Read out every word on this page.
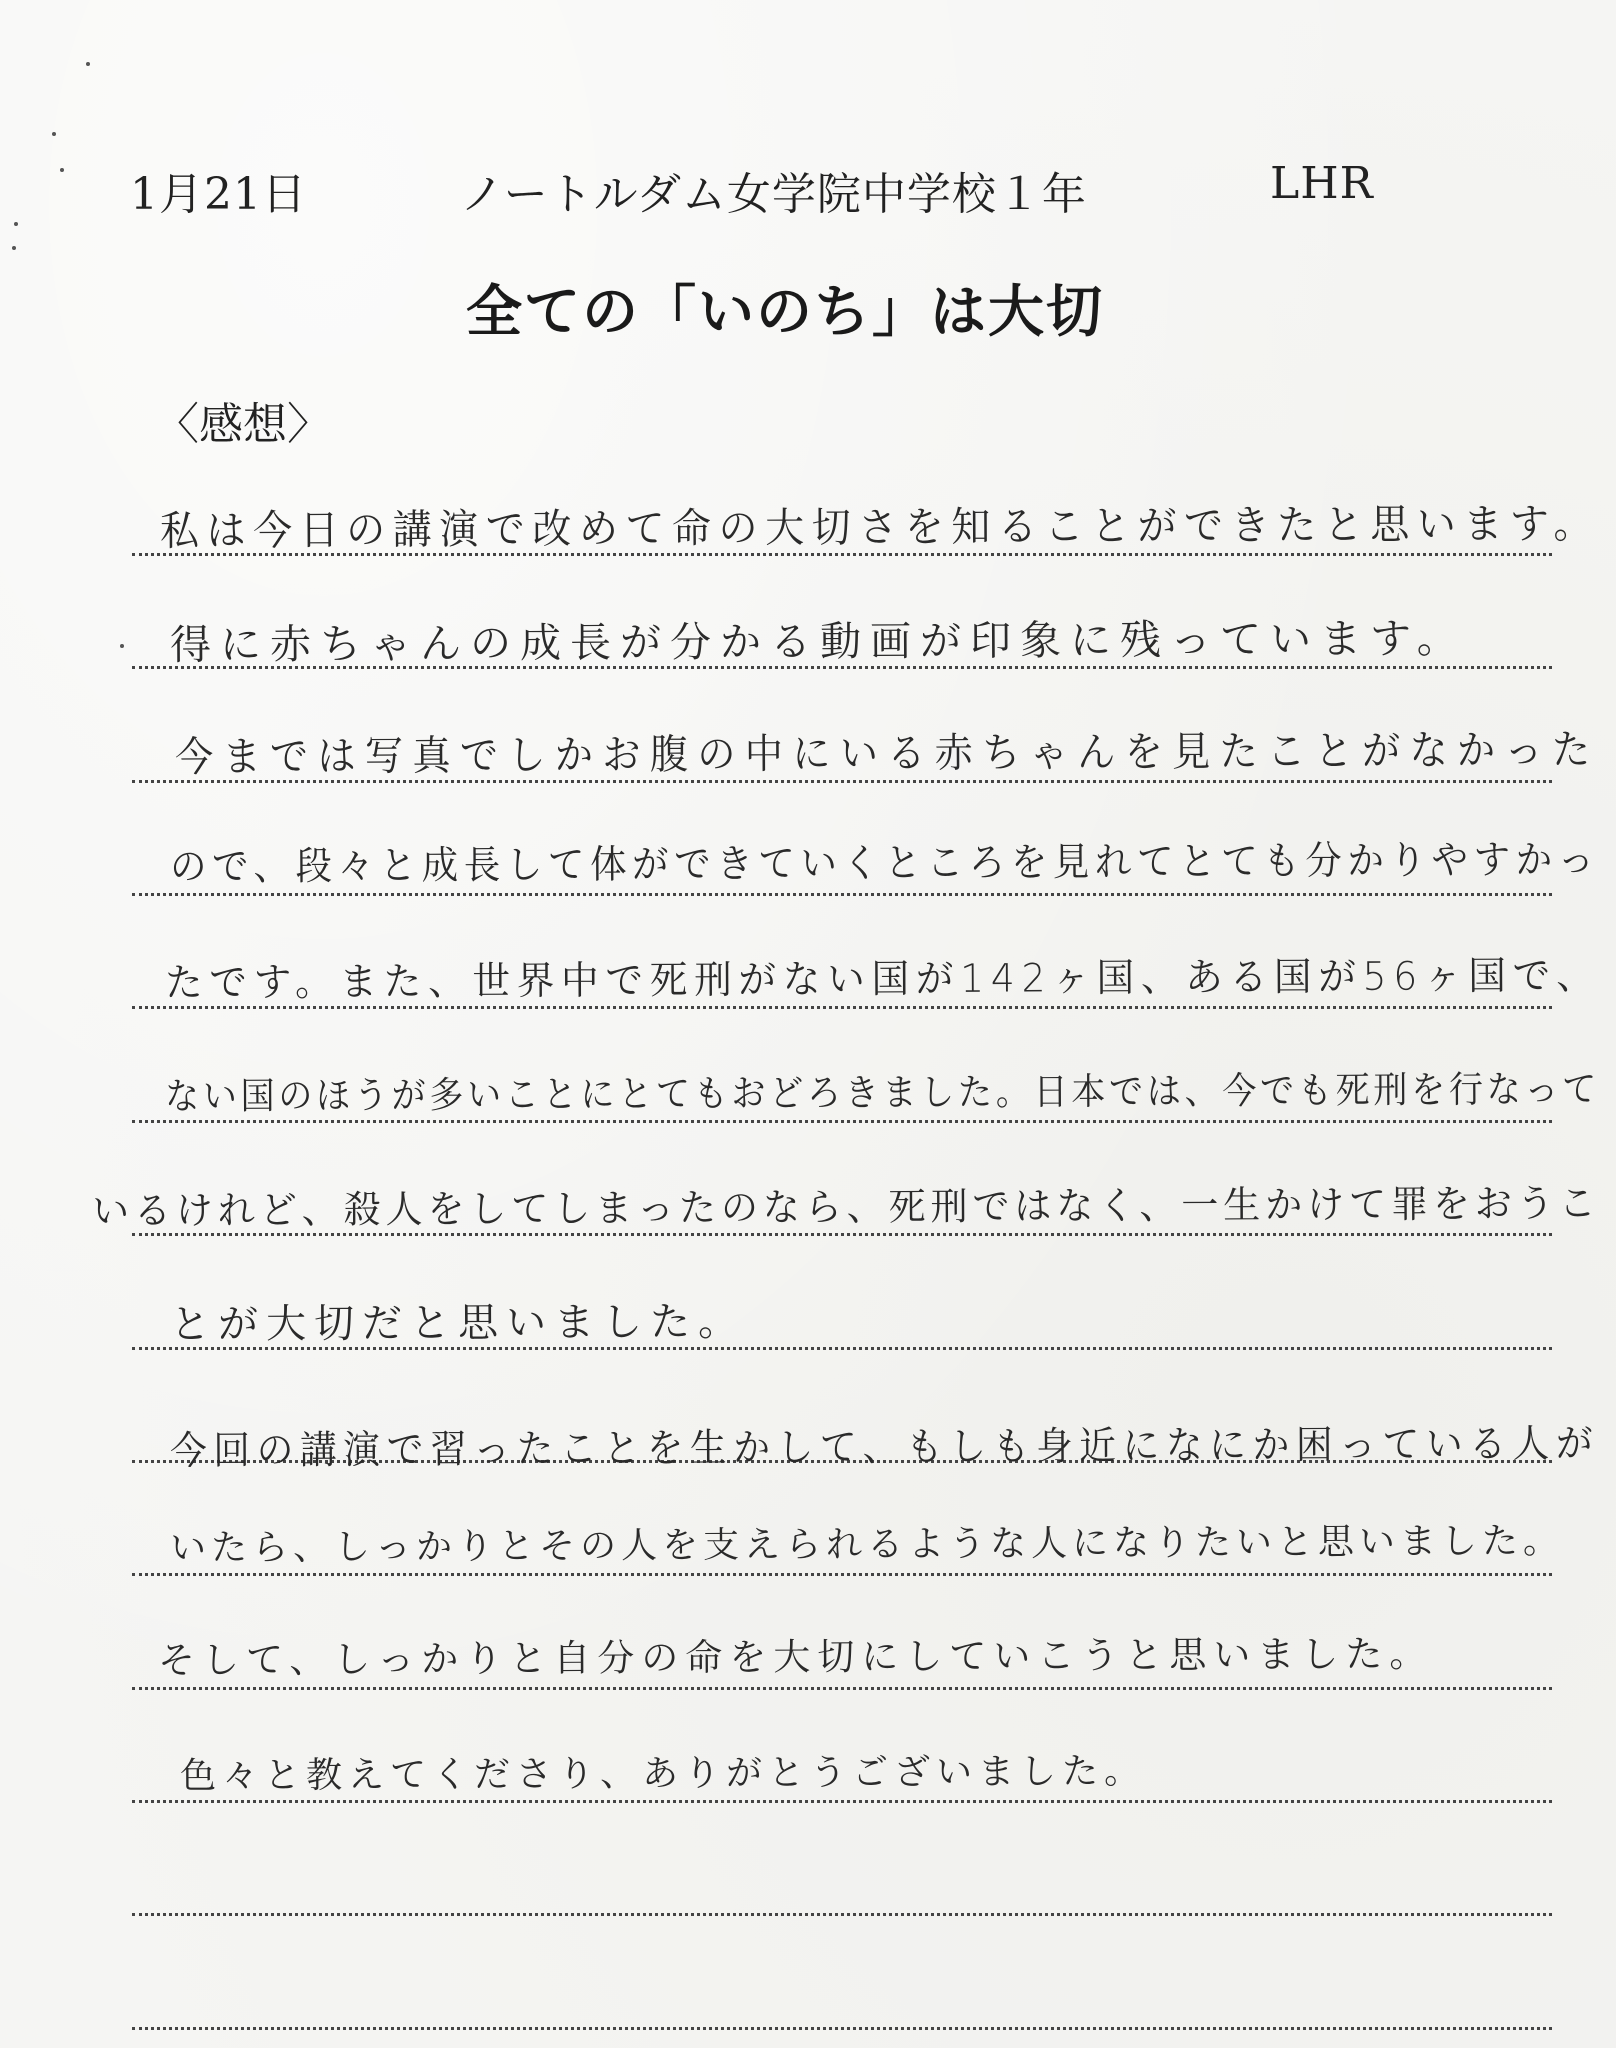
1月21日	ノートルダム女学院中学校１年	LHR
全ての「いのち」は大切
〈感想〉
私は今日の講演で改めて命の大切さを知ることができたと思います。
得に赤ちゃんの成長が分かる動画が印象に残っています。
今までは写真でしかお腹の中にいる赤ちゃんを見たことがなかった
ので、段々と成長して体ができていくところを見れてとても分かりやすかっ
たです。また、世界中で死刑がない国が142ヶ国、ある国が56ヶ国で、
ない国のほうが多いことにとてもおどろきました。日本では、今でも死刑を行なって
いるけれど、殺人をしてしまったのなら、死刑ではなく、一生かけて罪をおうこ
とが大切だと思いました。
今回の講演で習ったことを生かして、もしも身近になにか困っている人が
いたら、しっかりとその人を支えられるような人になりたいと思いました。
そして、しっかりと自分の命を大切にしていこうと思いました。
色々と教えてくださり、ありがとうございました。
